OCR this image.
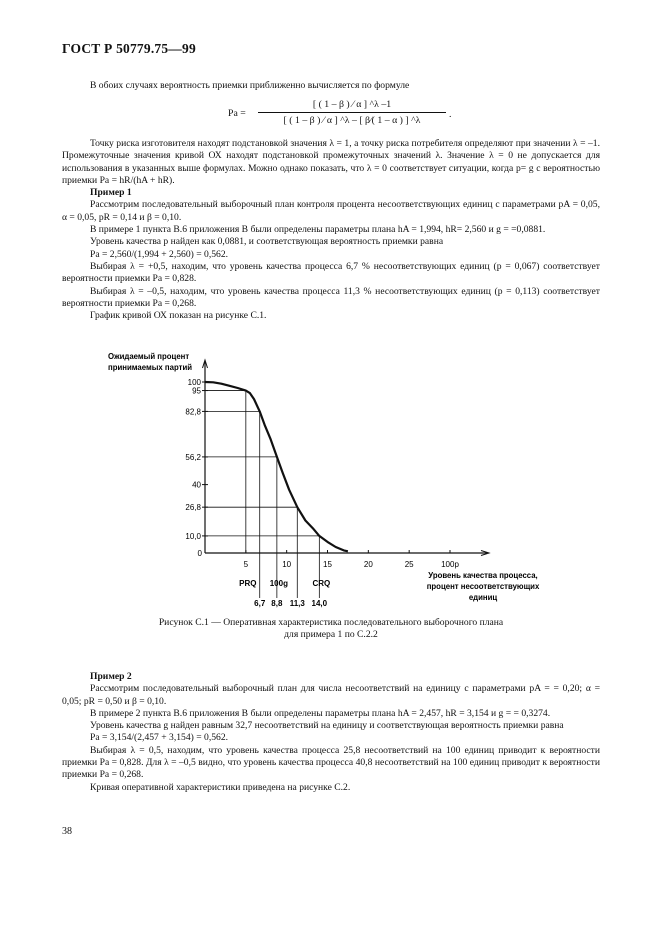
ГОСТ Р 50779.75—99

В обоих случаях вероятность приемки приближенно вычисляется по формуле

Pa =
[ ( 1 – β ) ⁄ α ] ^λ –1
[ ( 1 – β ) ⁄ α ] ^λ – [ β⁄( 1 – α ) ] ^λ
.

Точку риска изготовителя находят подстановкой значения λ = 1, а точку риска потребителя определяют при значении λ = –1. Промежуточные значения кривой ОХ находят подстановкой промежуточных значений λ. Значение λ = 0 не допускается для использования в указанных выше формулах. Можно однако показать, что λ = 0 соответствует ситуации, когда p= g с вероятностью приемки Pa = hR/(hA + hR).

Пример 1

Рассмотрим последовательный выборочный план контроля процента несоответствующих единиц с параметрами pA = 0,05, α = 0,05, pR = 0,14 и β = 0,10.

В примере 1 пункта В.6 приложения В были определены параметры плана hA = 1,994, hR= 2,560 и g = =0,0881.

Уровень качества p найден как 0,0881, и соответствующая вероятность приемки равна

Pa = 2,560/(1,994 + 2,560) = 0,562.

Выбирая λ = +0,5, находим, что уровень качества процесса 6,7 % несоответствующих единиц (p = 0,067) соответствует вероятности приемки Pa = 0,828.

Выбирая λ = –0,5, находим, что уровень качества процесса 11,3 % несоответствующих единиц (p = 0,113) соответствует вероятности приемки Pa = 0,268.

График кривой ОХ показан на рисунке С.1.

Ожидаемый процент
принимаемых партий
100
95
82,8
56,2
40
26,8
10,0
0
5	10	15	20	25	100p
6,7 8,8 11,3 14,0
PRQ 100g	CRQ
Уровень качества процесса,
процент несоответствующих
единиц
Рисунок С.1 — Оперативная характеристика последовательного выборочного плана
для примера 1 по С.2.2

Пример 2

Рассмотрим последовательный выборочный план для числа несоответствий на единицу с параметрами pA = = 0,20; α = 0,05; pR = 0,50 и β = 0,10.

В примере 2 пункта В.6 приложения В были определены параметры плана hA = 2,457, hR = 3,154 и g = = 0,3274.

Уровень качества g найден равным 32,7 несоответствий на единицу и соответствующая вероятность приемки равна

Pa = 3,154/(2,457 + 3,154) = 0,562.

Выбирая λ = 0,5, находим, что уровень качества процесса 25,8 несоответствий на 100 единиц приводит к вероятности приемки Pa = 0,828. Для λ = –0,5 видно, что уровень качества процесса 40,8 несоответствий на 100 единиц приводит к вероятности приемки Pa = 0,268.

Кривая оперативной характеристики приведена на рисунке С.2.

38
